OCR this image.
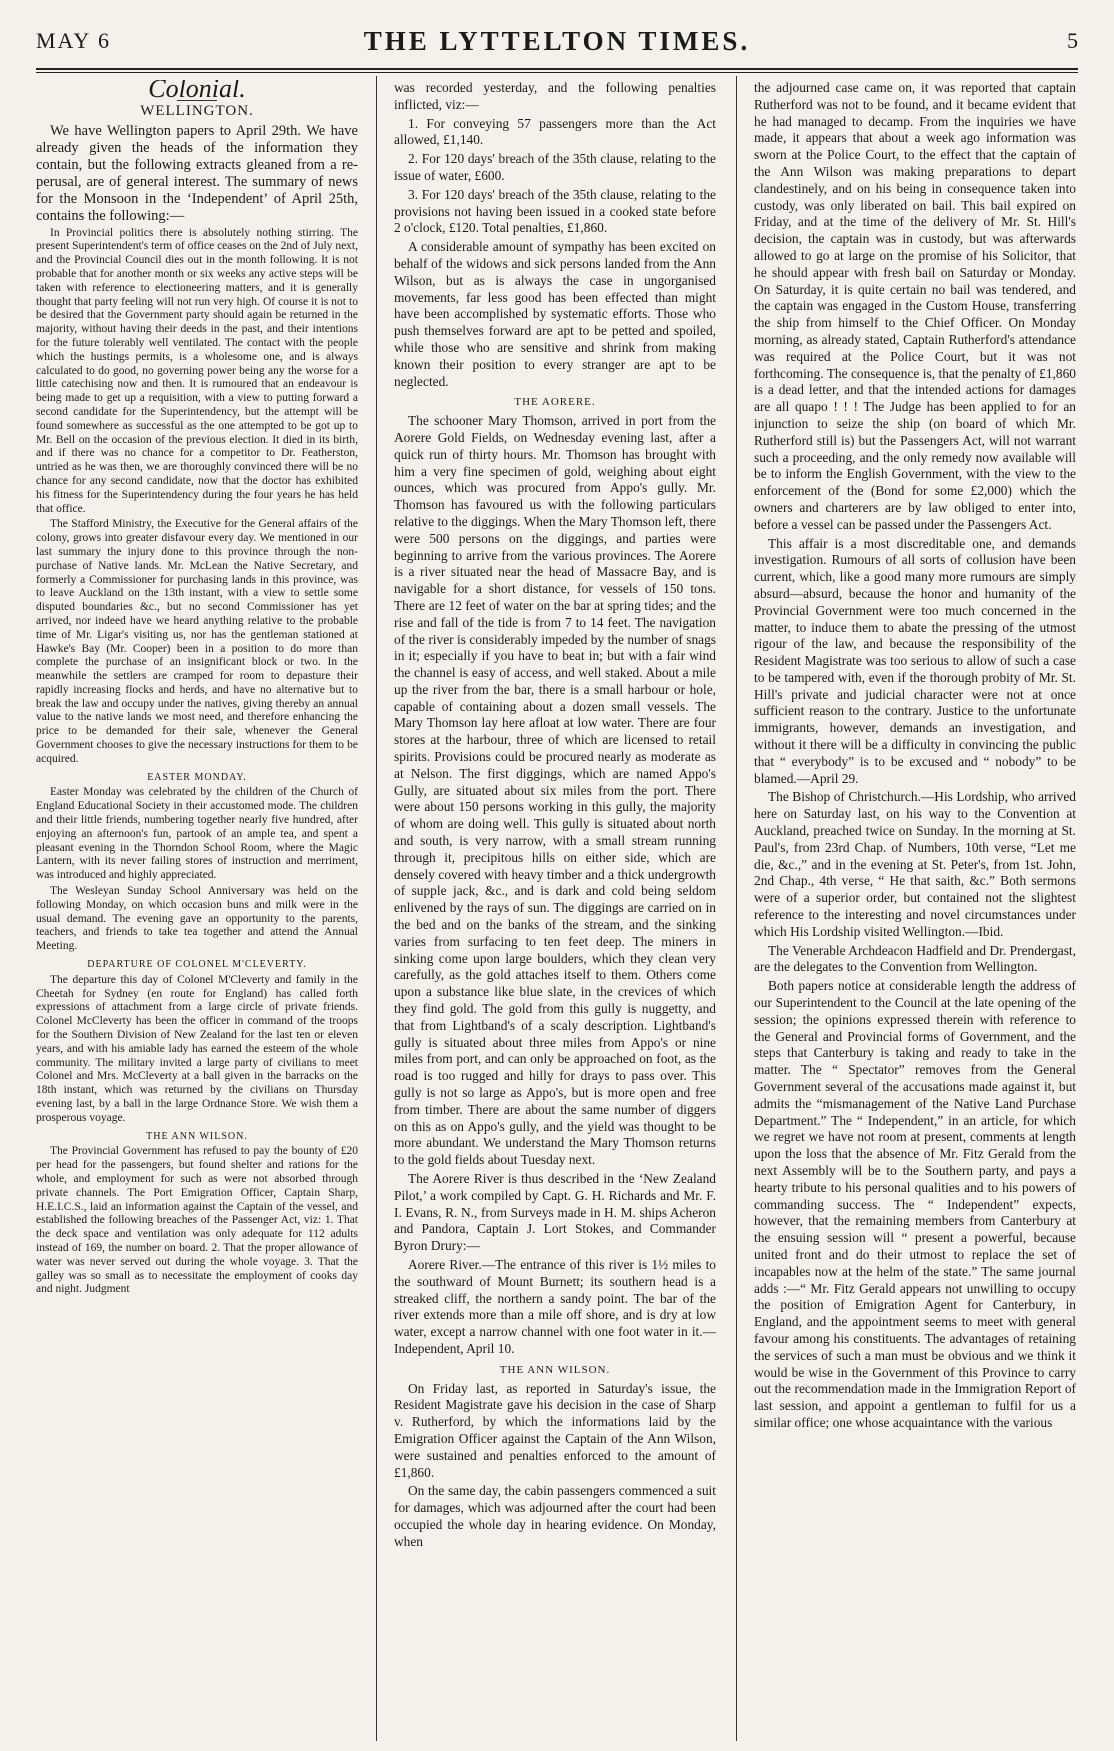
MAY 6	THE LYTTELTON TIMES.	5
Colonial.
WELLINGTON.

We have Wellington papers to April 29th. We have already given the heads of the information they contain, but the following extracts gleaned from a re-perusal, are of general interest. The summary of news for the Monsoon in the ‘Independent’ of April 25th, contains the following:—

In Provincial politics there is absolutely nothing stirring. The present Superintendent's term of office ceases on the 2nd of July next, and the Provincial Council dies out in the month following. It is not probable that for another month or six weeks any active steps will be taken with reference to electioneering matters, and it is generally thought that party feeling will not run very high. Of course it is not to be desired that the Government party should again be returned in the majority, without having their deeds in the past, and their intentions for the future tolerably well ventilated. The contact with the people which the hustings permits, is a wholesome one, and is always calculated to do good, no governing power being any the worse for a little catechising now and then. It is rumoured that an endeavour is being made to get up a requisition, with a view to putting forward a second candidate for the Superintendency, but the attempt will be found somewhere as successful as the one attempted to be got up to Mr. Bell on the occasion of the previous election. It died in its birth, and if there was no chance for a competitor to Dr. Featherston, untried as he was then, we are thoroughly convinced there will be no chance for any second candidate, now that the doctor has exhibited his fitness for the Superintendency during the four years he has held that office.

The Stafford Ministry, the Executive for the General affairs of the colony, grows into greater disfavour every day. We mentioned in our last summary the injury done to this province through the non-purchase of Native lands. Mr. McLean the Native Secretary, and formerly a Commissioner for purchasing lands in this province, was to leave Auckland on the 13th instant, with a view to settle some disputed boundaries &c., but no second Commissioner has yet arrived, nor indeed have we heard anything relative to the probable time of Mr. Ligar's visiting us, nor has the gentleman stationed at Hawke's Bay (Mr. Cooper) been in a position to do more than complete the purchase of an insignificant block or two. In the meanwhile the settlers are cramped for room to depasture their rapidly increasing flocks and herds, and have no alternative but to break the law and occupy under the natives, giving thereby an annual value to the native lands we most need, and therefore enhancing the price to be demanded for their sale, whenever the General Government chooses to give the necessary instructions for them to be acquired.

EASTER MONDAY.

Easter Monday was celebrated by the children of the Church of England Educational Society in their accustomed mode. The children and their little friends, numbering together nearly five hundred, after enjoying an afternoon's fun, partook of an ample tea, and spent a pleasant evening in the Thorndon School Room, where the Magic Lantern, with its never failing stores of instruction and merriment, was introduced and highly appreciated.

The Wesleyan Sunday School Anniversary was held on the following Monday, on which occasion buns and milk were in the usual demand. The evening gave an opportunity to the parents, teachers, and friends to take tea together and attend the Annual Meeting.

DEPARTURE OF COLONEL M'CLEVERTY.

The departure this day of Colonel M'Cleverty and family in the Cheetah for Sydney (en route for England) has called forth expressions of attachment from a large circle of private friends. Colonel McCleverty has been the officer in command of the troops for the Southern Division of New Zealand for the last ten or eleven years, and with his amiable lady has earned the esteem of the whole community. The military invited a large party of civilians to meet Colonel and Mrs. McCleverty at a ball given in the barracks on the 18th instant, which was returned by the civilians on Thursday evening last, by a ball in the large Ordnance Store. We wish them a prosperous voyage.

THE ANN WILSON.

The Provincial Government has refused to pay the bounty of £20 per head for the passengers, but found shelter and rations for the whole, and employment for such as were not absorbed through private channels. The Port Emigration Officer, Captain Sharp, H.E.I.C.S., laid an information against the Captain of the vessel, and established the following breaches of the Passenger Act, viz: 1. That the deck space and ventilation was only adequate for 112 adults instead of 169, the number on board. 2. That the proper allowance of water was never served out during the whole voyage. 3. That the galley was so small as to necessitate the employment of cooks day and night. Judgment

was recorded yesterday, and the following penalties inflicted, viz:—

1. For conveying 57 passengers more than the Act allowed, £1,140.

2. For 120 days' breach of the 35th clause, relating to the issue of water, £600.

3. For 120 days' breach of the 35th clause, relating to the provisions not having been issued in a cooked state before 2 o'clock, £120. Total penalties, £1,860.

A considerable amount of sympathy has been excited on behalf of the widows and sick persons landed from the Ann Wilson, but as is always the case in ungorganised movements, far less good has been effected than might have been accomplished by systematic efforts. Those who push themselves forward are apt to be petted and spoiled, while those who are sensitive and shrink from making known their position to every stranger are apt to be neglected.

THE AORERE.

The schooner Mary Thomson, arrived in port from the Aorere Gold Fields, on Wednesday evening last, after a quick run of thirty hours. Mr. Thomson has brought with him a very fine specimen of gold, weighing about eight ounces, which was procured from Appo's gully. Mr. Thomson has favoured us with the following particulars relative to the diggings. When the Mary Thomson left, there were 500 persons on the diggings, and parties were beginning to arrive from the various provinces. The Aorere is a river situated near the head of Massacre Bay, and is navigable for a short distance, for vessels of 150 tons. There are 12 feet of water on the bar at spring tides; and the rise and fall of the tide is from 7 to 14 feet. The navigation of the river is considerably impeded by the number of snags in it; especially if you have to beat in; but with a fair wind the channel is easy of access, and well staked. About a mile up the river from the bar, there is a small harbour or hole, capable of containing about a dozen small vessels. The Mary Thomson lay here afloat at low water. There are four stores at the harbour, three of which are licensed to retail spirits. Provisions could be procured nearly as moderate as at Nelson. The first diggings, which are named Appo's Gully, are situated about six miles from the port. There were about 150 persons working in this gully, the majority of whom are doing well. This gully is situated about north and south, is very narrow, with a small stream running through it, precipitous hills on either side, which are densely covered with heavy timber and a thick undergrowth of supple jack, &c., and is dark and cold being seldom enlivened by the rays of sun. The diggings are carried on in the bed and on the banks of the stream, and the sinking varies from surfacing to ten feet deep. The miners in sinking come upon large boulders, which they clean very carefully, as the gold attaches itself to them. Others come upon a substance like blue slate, in the crevices of which they find gold. The gold from this gully is nuggetty, and that from Lightband's of a scaly description. Lightband's gully is situated about three miles from Appo's or nine miles from port, and can only be approached on foot, as the road is too rugged and hilly for drays to pass over. This gully is not so large as Appo's, but is more open and free from timber. There are about the same number of diggers on this as on Appo's gully, and the yield was thought to be more abundant. We understand the Mary Thomson returns to the gold fields about Tuesday next.

The Aorere River is thus described in the ‘New Zealand Pilot,’ a work compiled by Capt. G. H. Richards and Mr. F. I. Evans, R. N., from Surveys made in H. M. ships Acheron and Pandora, Captain J. Lort Stokes, and Commander Byron Drury:—

Aorere River.—The entrance of this river is 1½ miles to the southward of Mount Burnett; its southern head is a streaked cliff, the northern a sandy point. The bar of the river extends more than a mile off shore, and is dry at low water, except a narrow channel with one foot water in it.—Independent, April 10.

THE ANN WILSON.

On Friday last, as reported in Saturday's issue, the Resident Magistrate gave his decision in the case of Sharp v. Rutherford, by which the informations laid by the Emigration Officer against the Captain of the Ann Wilson, were sustained and penalties enforced to the amount of £1,860.

On the same day, the cabin passengers commenced a suit for damages, which was adjourned after the court had been occupied the whole day in hearing evidence. On Monday, when

the adjourned case came on, it was reported that captain Rutherford was not to be found, and it became evident that he had managed to decamp. From the inquiries we have made, it appears that about a week ago information was sworn at the Police Court, to the effect that the captain of the Ann Wilson was making preparations to depart clandestinely, and on his being in consequence taken into custody, was only liberated on bail. This bail expired on Friday, and at the time of the delivery of Mr. St. Hill's decision, the captain was in custody, but was afterwards allowed to go at large on the promise of his Solicitor, that he should appear with fresh bail on Saturday or Monday. On Saturday, it is quite certain no bail was tendered, and the captain was engaged in the Custom House, transferring the ship from himself to the Chief Officer. On Monday morning, as already stated, Captain Rutherford's attendance was required at the Police Court, but it was not forthcoming. The consequence is, that the penalty of £1,860 is a dead letter, and that the intended actions for damages are all quapo ! ! ! The Judge has been applied to for an injunction to seize the ship (on board of which Mr. Rutherford still is) but the Passengers Act, will not warrant such a proceeding, and the only remedy now available will be to inform the English Government, with the view to the enforcement of the (Bond for some £2,000) which the owners and charterers are by law obliged to enter into, before a vessel can be passed under the Passengers Act.

This affair is a most discreditable one, and demands investigation. Rumours of all sorts of collusion have been current, which, like a good many more rumours are simply absurd—absurd, because the honor and humanity of the Provincial Government were too much concerned in the matter, to induce them to abate the pressing of the utmost rigour of the law, and because the responsibility of the Resident Magistrate was too serious to allow of such a case to be tampered with, even if the thorough probity of Mr. St. Hill's private and judicial character were not at once sufficient reason to the contrary. Justice to the unfortunate immigrants, however, demands an investigation, and without it there will be a difficulty in convincing the public that “ everybody” is to be excused and “ nobody” to be blamed.—April 29.

The Bishop of Christchurch.—His Lordship, who arrived here on Saturday last, on his way to the Convention at Auckland, preached twice on Sunday. In the morning at St. Paul's, from 23rd Chap. of Numbers, 10th verse, “Let me die, &c.,” and in the evening at St. Peter's, from 1st. John, 2nd Chap., 4th verse, “ He that saith, &c.” Both sermons were of a superior order, but contained not the slightest reference to the interesting and novel circumstances under which His Lordship visited Wellington.—Ibid.

The Venerable Archdeacon Hadfield and Dr. Prendergast, are the delegates to the Convention from Wellington.

Both papers notice at considerable length the address of our Superintendent to the Council at the late opening of the session; the opinions expressed therein with reference to the General and Provincial forms of Government, and the steps that Canterbury is taking and ready to take in the matter. The “ Spectator” removes from the General Government several of the accusations made against it, but admits the “mismanagement of the Native Land Purchase Department.” The “ Independent,” in an article, for which we regret we have not room at present, comments at length upon the loss that the absence of Mr. Fitz Gerald from the next Assembly will be to the Southern party, and pays a hearty tribute to his personal qualities and to his powers of commanding success. The “ Independent” expects, however, that the remaining members from Canterbury at the ensuing session will “ present a powerful, because united front and do their utmost to replace the set of incapables now at the helm of the state.” The same journal adds :—“ Mr. Fitz Gerald appears not unwilling to occupy the position of Emigration Agent for Canterbury, in England, and the appointment seems to meet with general favour among his constituents. The advantages of retaining the services of such a man must be obvious and we think it would be wise in the Government of this Province to carry out the recommendation made in the Immigration Report of last session, and appoint a gentleman to fulfil for us a similar office; one whose acquaintance with the various
